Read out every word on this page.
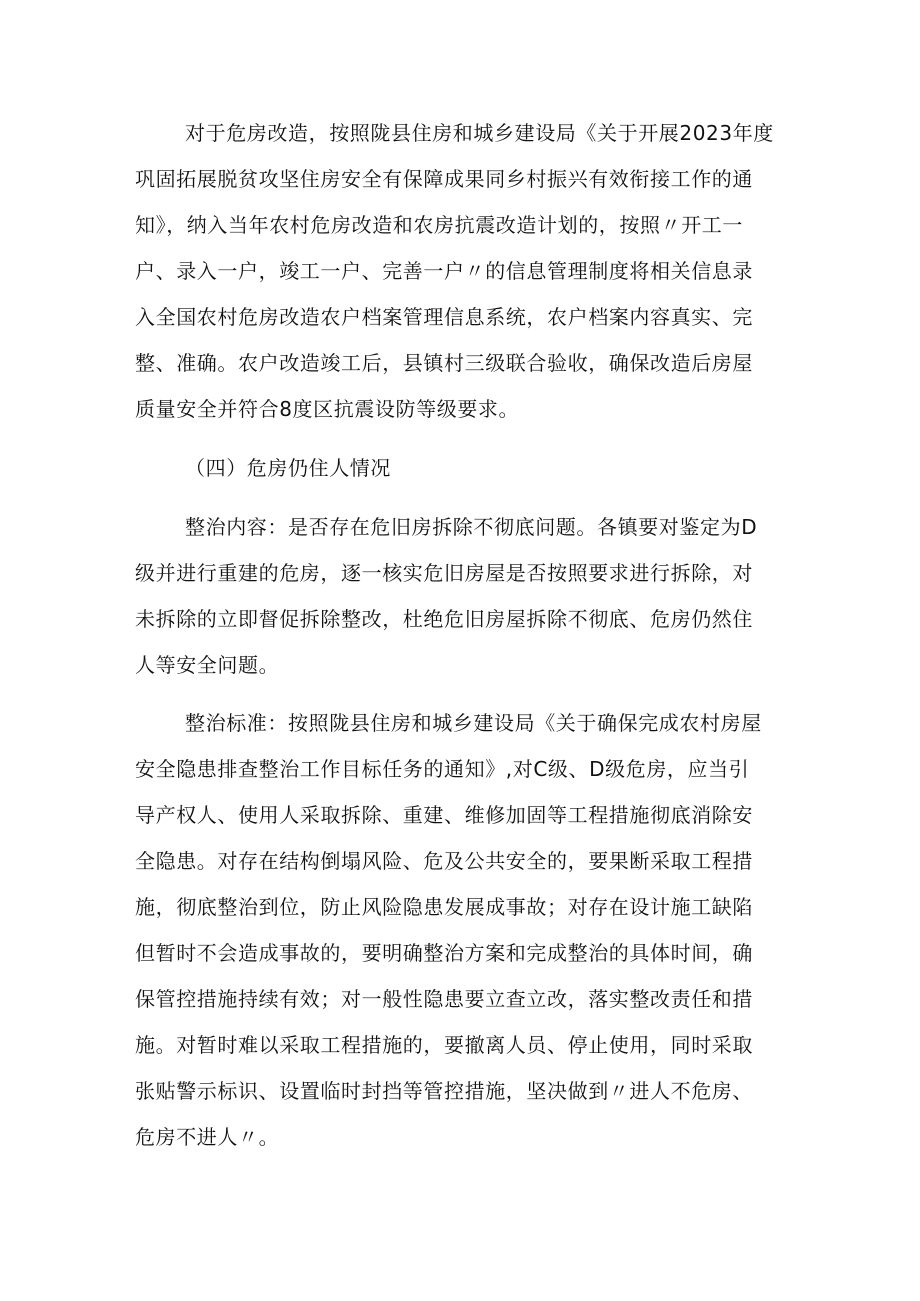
对于危房改造，按照陇县住房和城乡建设局《关于开展2023年度
巩固拓展脱贫攻坚住房安全有保障成果同乡村振兴有效衔接工作的通
知》，纳入当年农村危房改造和农房抗震改造计划的，按照〃开工一
户、录入一户，竣工一户、完善一户〃的信息管理制度将相关信息录
入全国农村危房改造农户档案管理信息系统，农户档案内容真实、完
整、准确。农户改造竣工后，县镇村三级联合验收，确保改造后房屋
质量安全并符合8度区抗震设防等级要求。
（四）危房仍住人情况
整治内容：是否存在危旧房拆除不彻底问题。各镇要对鉴定为D
级并进行重建的危房，逐一核实危旧房屋是否按照要求进行拆除，对
未拆除的立即督促拆除整改，杜绝危旧房屋拆除不彻底、危房仍然住
人等安全问题。
整治标准：按照陇县住房和城乡建设局《关于确保完成农村房屋
安全隐患排查整治工作目标任务的通知》,对C级、D级危房，应当引
导产权人、使用人采取拆除、重建、维修加固等工程措施彻底消除安
全隐患。对存在结构倒塌风险、危及公共安全的，要果断采取工程措
施，彻底整治到位，防止风险隐患发展成事故；对存在设计施工缺陷
但暂时不会造成事故的，要明确整治方案和完成整治的具体时间，确
保管控措施持续有效；对一般性隐患要立查立改，落实整改责任和措
施。对暂时难以采取工程措施的，要撤离人员、停止使用，同时采取
张贴警示标识、设置临时封挡等管控措施，坚决做到〃进人不危房、
危房不进人〃。
